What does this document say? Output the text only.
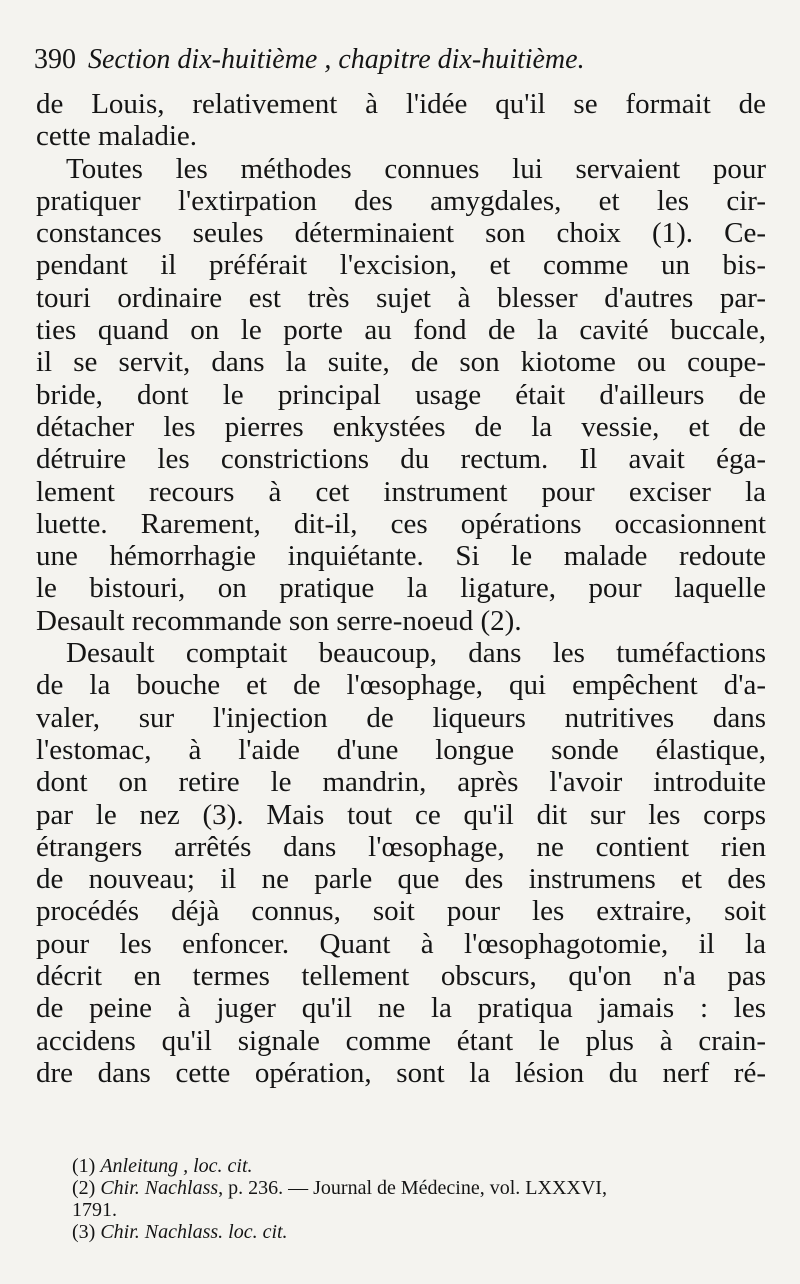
390 Section dix-huitième , chapitre dix-huitième.
de Louis, relativement à l'idée qu'il se formait de
cette maladie.
Toutes les méthodes connues lui servaient pour
pratiquer l'extirpation des amygdales, et les cir-
constances seules déterminaient son choix (1). Ce-
pendant il préférait l'excision, et comme un bis-
touri ordinaire est très sujet à blesser d'autres par-
ties quand on le porte au fond de la cavité buccale,
il se servit, dans la suite, de son kiotome ou coupe-
bride, dont le principal usage était d'ailleurs de
détacher les pierres enkystées de la vessie, et de
détruire les constrictions du rectum. Il avait éga-
lement recours à cet instrument pour exciser la
luette. Rarement, dit-il, ces opérations occasionnent
une hémorrhagie inquiétante. Si le malade redoute
le bistouri, on pratique la ligature, pour laquelle
Desault recommande son serre-noeud (2).
Desault comptait beaucoup, dans les tuméfactions
de la bouche et de l'œsophage, qui empêchent d'a-
valer, sur l'injection de liqueurs nutritives dans
l'estomac, à l'aide d'une longue sonde élastique,
dont on retire le mandrin, après l'avoir introduite
par le nez (3). Mais tout ce qu'il dit sur les corps
étrangers arrêtés dans l'œsophage, ne contient rien
de nouveau; il ne parle que des instrumens et des
procédés déjà connus, soit pour les extraire, soit
pour les enfoncer. Quant à l'œsophagotomie, il la
décrit en termes tellement obscurs, qu'on n'a pas
de peine à juger qu'il ne la pratiqua jamais : les
accidens qu'il signale comme étant le plus à crain-
dre dans cette opération, sont la lésion du nerf ré-
(1) Anleitung , loc. cit.
(2) Chir. Nachlass, p. 236. — Journal de Médecine, vol. LXXXVI,
1791.
(3) Chir. Nachlass. loc. cit.
